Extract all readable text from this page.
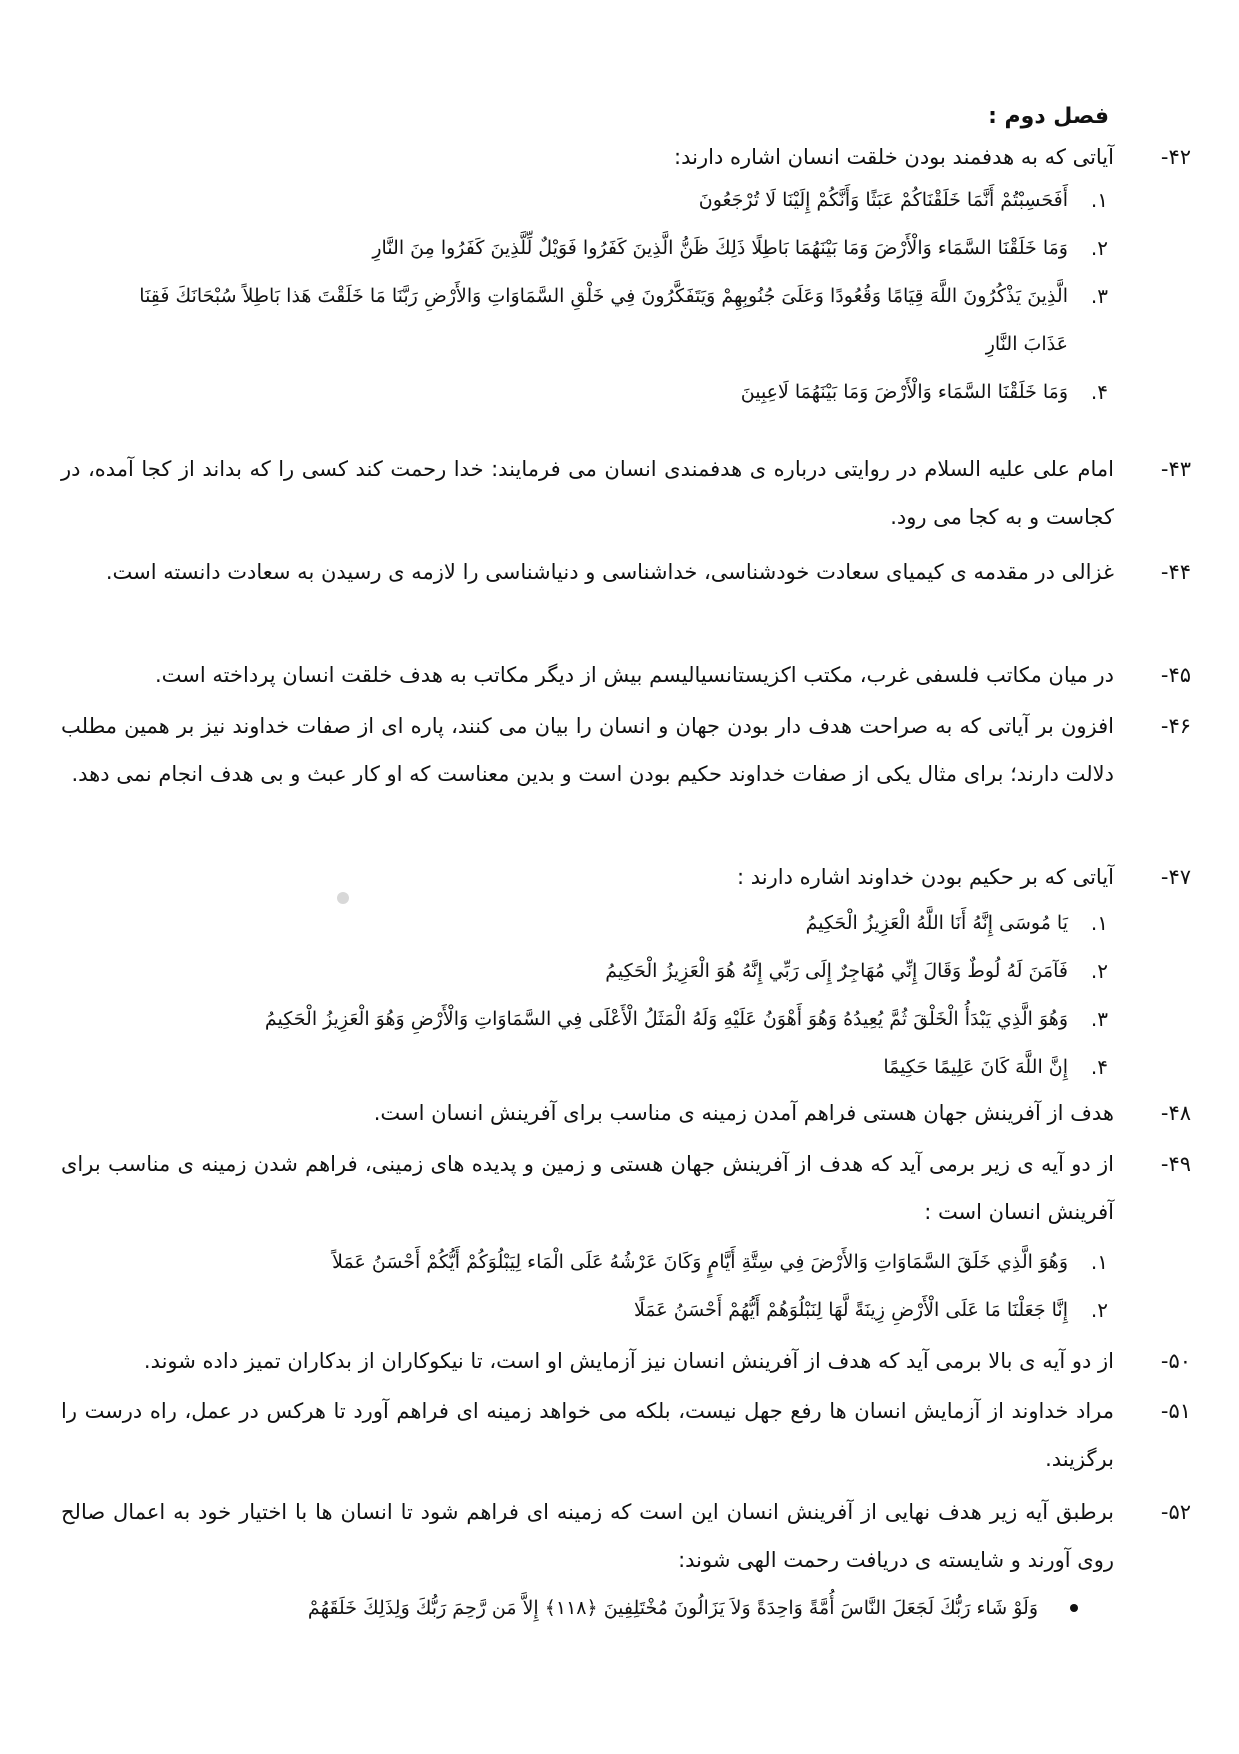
فصل دوم :
۴۲-
آیاتی که به هدفمند بودن خلقت انسان اشاره دارند:
۱.
أَفَحَسِبْتُمْ أَنَّمَا خَلَقْنَاكُمْ عَبَثًا وَأَنَّكُمْ إِلَيْنَا لَا تُرْجَعُونَ
۲.
وَمَا خَلَقْنَا السَّمَاء وَالْأَرْضَ وَمَا بَيْنَهُمَا بَاطِلًا ذَلِكَ ظَنُّ الَّذِينَ كَفَرُوا فَوَيْلٌ لِّلَّذِينَ كَفَرُوا مِنَ النَّارِ
۳.
الَّذِينَ يَذْكُرُونَ اللَّهَ قِيَامًا وَقُعُودًا وَعَلَىَ جُنُوبِهِمْ وَيَتَفَكَّرُونَ فِي خَلْقِ السَّمَاوَاتِ وَالأَرْضِ رَبَّنَا مَا خَلَقْتَ هَذا بَاطِلاً سُبْحَانَكَ فَقِنَا عَذَابَ النَّارِ
۴.
وَمَا خَلَقْنَا السَّمَاء وَالْأَرْضَ وَمَا بَيْنَهُمَا لَاعِبِينَ
۴۳-
امام علی علیه السلام در روایتی درباره ی هدفمندی انسان می فرمایند: خدا رحمت کند کسی را که بداند از کجا آمده، در کجاست و به کجا می رود.
۴۴-
غزالی در مقدمه ی کیمیای سعادت خودشناسی، خداشناسی و دنیاشناسی را لازمه ی رسیدن به سعادت دانسته است.
۴۵-
در میان مکاتب فلسفی غرب، مکتب اکزیستانسیالیسم بیش از دیگر مکاتب به هدف خلقت انسان پرداخته است.
۴۶-
افزون بر آیاتی که به صراحت هدف دار بودن جهان و انسان را بیان می کنند، پاره ای از صفات خداوند نیز بر همین مطلب دلالت دارند؛ برای مثال یکی از صفات خداوند حکیم بودن است و بدین معناست که او کار عبث و بی هدف انجام نمی دهد.
۴۷-
آیاتی که بر حکیم بودن خداوند اشاره دارند :
۱.
يَا مُوسَى إِنَّهُ أَنَا اللَّهُ الْعَزِيزُ الْحَكِيمُ
۲.
فَآمَنَ لَهُ لُوطٌ وَقَالَ إِنِّي مُهَاجِرٌ إِلَى رَبِّي إِنَّهُ هُوَ الْعَزِيزُ الْحَكِيمُ
۳.
وَهُوَ الَّذِي يَبْدَأُ الْخَلْقَ ثُمَّ يُعِيدُهُ وَهُوَ أَهْوَنُ عَلَيْهِ وَلَهُ الْمَثَلُ الْأَعْلَى فِي السَّمَاوَاتِ وَالْأَرْضِ وَهُوَ الْعَزِيزُ الْحَكِيمُ
۴.
إِنَّ اللَّهَ كَانَ عَلِيمًا حَكِيمًا
۴۸-
هدف از آفرینش جهان هستی فراهم آمدن زمینه ی مناسب برای آفرینش انسان است.
۴۹-
از دو آیه ی زیر برمی آید که هدف از آفرینش جهان هستی و زمین و پدیده های زمینی، فراهم شدن زمینه ی مناسب برای آفرینش انسان است :
۱.
وَهُوَ الَّذِي خَلَقَ السَّمَاوَاتِ وَالأَرْضَ فِي سِتَّةِ أَيَّامٍ وَكَانَ عَرْشُهُ عَلَى الْمَاء لِيَبْلُوَكُمْ أَيُّكُمْ أَحْسَنُ عَمَلاً
۲.
إِنَّا جَعَلْنَا مَا عَلَى الْأَرْضِ زِينَةً لَّهَا لِنَبْلُوَهُمْ أَيُّهُمْ أَحْسَنُ عَمَلًا
۵۰-
از دو آیه ی بالا برمی آید که هدف از آفرینش انسان نیز آزمایش او است، تا نیکوکاران از بدکاران تمیز داده شوند.
۵۱-
مراد خداوند از آزمایش انسان ها رفع جهل نیست، بلکه می خواهد زمینه ای فراهم آورد تا هرکس در عمل، راه درست را برگزیند.
۵۲-
برطبق آیه زیر هدف نهایی از آفرینش انسان این است که زمینه ای فراهم شود تا انسان ها با اختیار خود به اعمال صالح روی آورند و شایسته ی دریافت رحمت الهی شوند:
وَلَوْ شَاء رَبُّكَ لَجَعَلَ النَّاسَ أُمَّةً وَاحِدَةً وَلاَ يَزَالُونَ مُخْتَلِفِينَ ﴿۱۱۸﴾ إِلاَّ مَن رَّحِمَ رَبُّكَ وَلِذَلِكَ خَلَقَهُمْ
